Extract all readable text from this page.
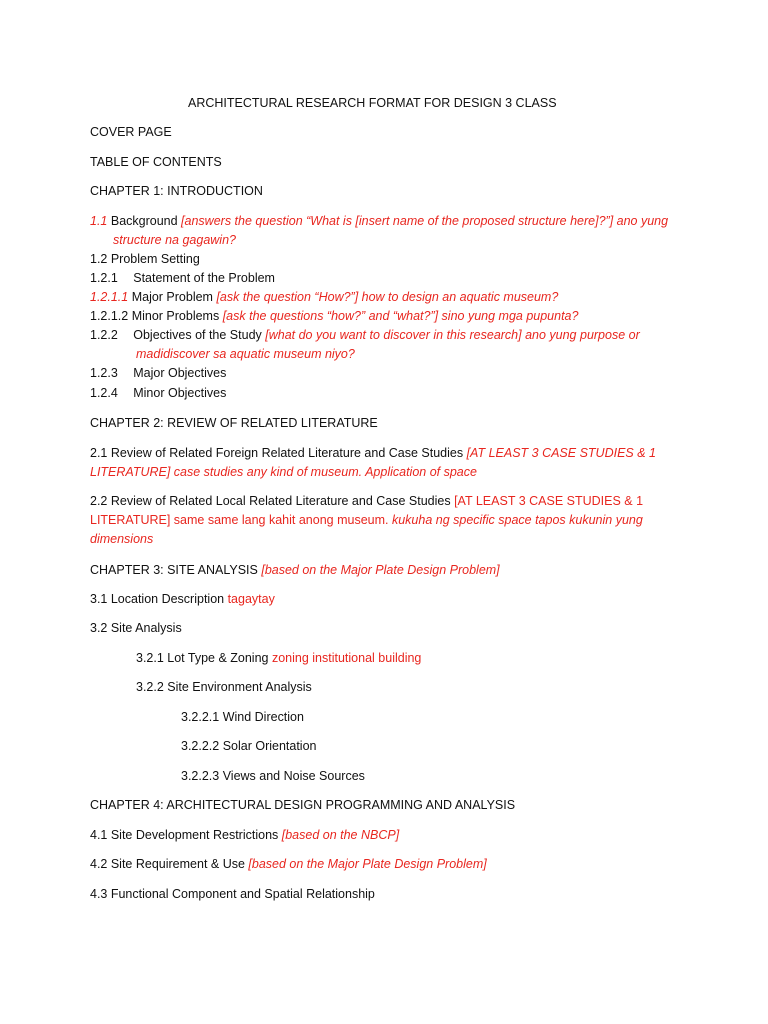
ARCHITECTURAL RESEARCH FORMAT FOR DESIGN 3 CLASS
COVER PAGE
TABLE OF CONTENTS
CHAPTER 1: INTRODUCTION
1.1 Background [answers the question “What is [insert name of the proposed structure here]?”] ano yung
structure na gagawin?
1.2 Problem Setting
1.2.1 Statement of the Problem
1.2.1.1 Major Problem [ask the question “How?”] how to design an aquatic museum?
1.2.1.2 Minor Problems [ask the questions “how?” and “what?”] sino yung mga pupunta?
1.2.2 Objectives of the Study [what do you want to discover in this research] ano yung purpose or
madidiscover sa aquatic museum niyo?
1.2.3 Major Objectives
1.2.4 Minor Objectives
CHAPTER 2: REVIEW OF RELATED LITERATURE
2.1 Review of Related Foreign Related Literature and Case Studies [AT LEAST 3 CASE STUDIES & 1
LITERATURE] case studies any kind of museum. Application of space
2.2 Review of Related Local Related Literature and Case Studies [AT LEAST 3 CASE STUDIES & 1
LITERATURE] same same lang kahit anong museum. kukuha ng specific space tapos kukunin yung
dimensions
CHAPTER 3: SITE ANALYSIS [based on the Major Plate Design Problem]
3.1 Location Description tagaytay
3.2 Site Analysis
3.2.1 Lot Type & Zoning zoning institutional building
3.2.2 Site Environment Analysis
3.2.2.1 Wind Direction
3.2.2.2 Solar Orientation
3.2.2.3 Views and Noise Sources
CHAPTER 4: ARCHITECTURAL DESIGN PROGRAMMING AND ANALYSIS
4.1 Site Development Restrictions [based on the NBCP]
4.2 Site Requirement & Use [based on the Major Plate Design Problem]
4.3 Functional Component and Spatial Relationship
